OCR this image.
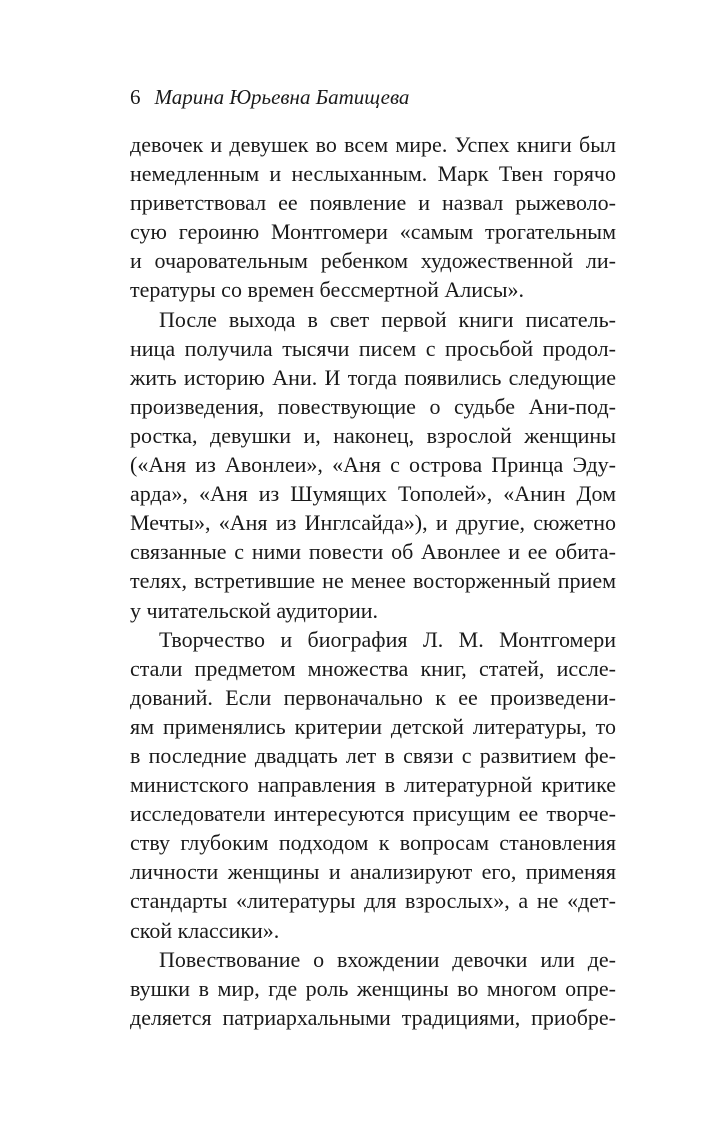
6 Марина Юрьевна Батищева
девочек и девушек во всем мире. Успех книги был
немедленным и неслыханным. Марк Твен горячо
приветствовал ее появление и назвал рыжеволо-
сую героиню Монтгомери «самым трогательным
и очаровательным ребенком художественной ли-
тературы со времен бессмертной Алисы».
После выхода в свет первой книги писатель-
ница получила тысячи писем с просьбой продол-
жить историю Ани. И тогда появились следующие
произведения, повествующие о судьбе Ани-под-
ростка, девушки и, наконец, взрослой женщины
(«Аня из Авонлеи», «Аня с острова Принца Эду-
арда», «Аня из Шумящих Тополей», «Анин Дом
Мечты», «Аня из Инглсайда»), и другие, сюжетно
связанные с ними повести об Авонлее и ее обита-
телях, встретившие не менее восторженный прием
у читательской аудитории.
Творчество и биография Л. М. Монтгомери
стали предметом множества книг, статей, иссле-
дований. Если первоначально к ее произведени-
ям применялись критерии детской литературы, то
в последние двадцать лет в связи с развитием фе-
министского направления в литературной критике
исследователи интересуются присущим ее творче-
ству глубоким подходом к вопросам становления
личности женщины и анализируют его, применяя
стандарты «литературы для взрослых», а не «дет-
ской классики».
Повествование о вхождении девочки или де-
вушки в мир, где роль женщины во многом опре-
деляется патриархальными традициями, приобре-
